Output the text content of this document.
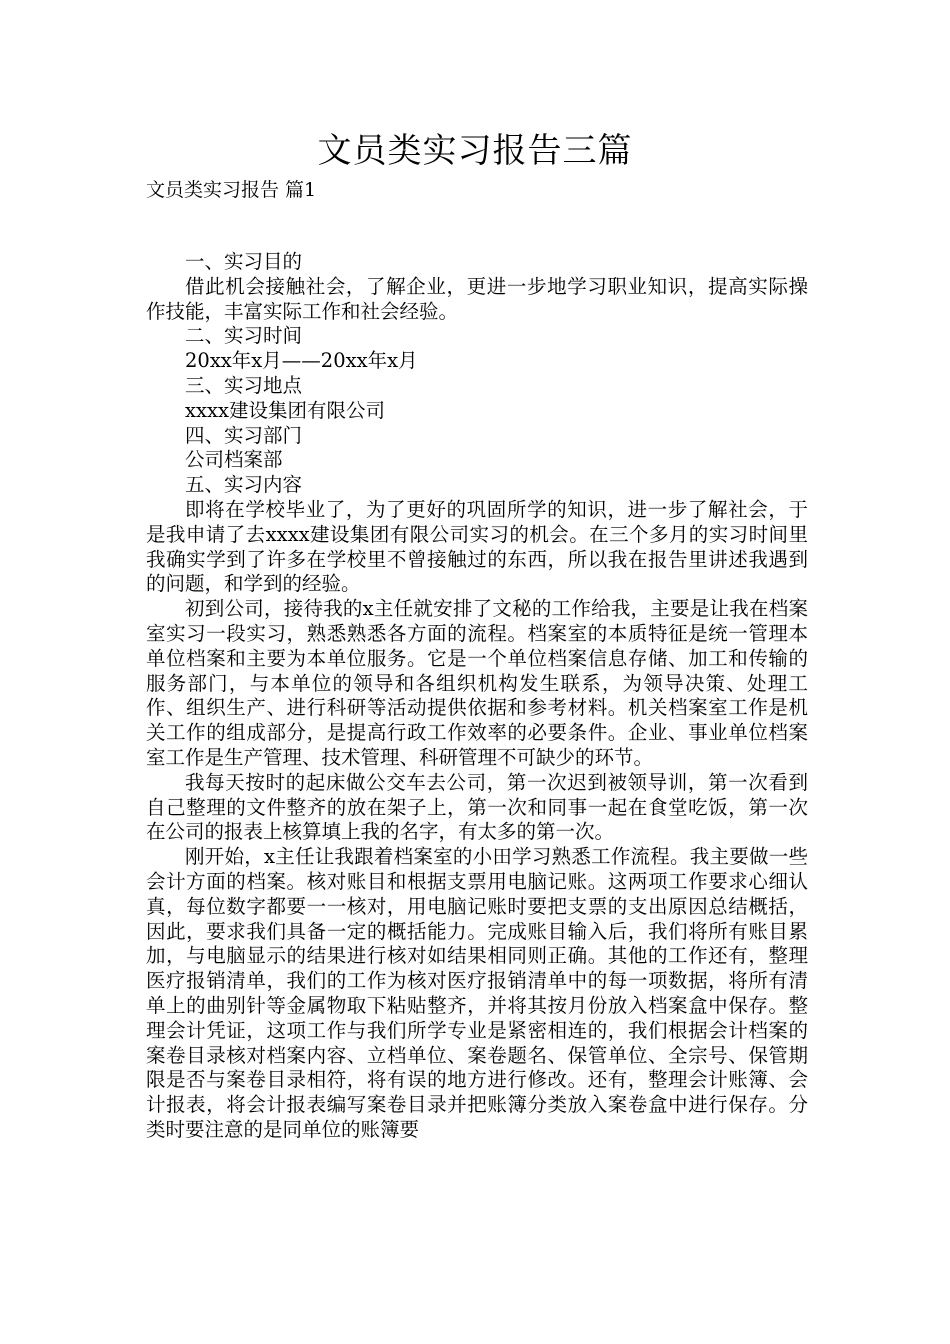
文员类实习报告三篇
文员类实习报告 篇1

一、实习目的

借此机会接触社会，了解企业，更进一步地学习职业知识，提高实际操作技能，丰富实际工作和社会经验。

二、实习时间

20xx年x月——20xx年x月

三、实习地点

xxxx建设集团有限公司

四、实习部门

公司档案部

五、实习内容

即将在学校毕业了，为了更好的巩固所学的知识，进一步了解社会，于是我申请了去xxxx建设集团有限公司实习的机会。在三个多月的实习时间里我确实学到了许多在学校里不曾接触过的东西，所以我在报告里讲述我遇到的问题，和学到的经验。

初到公司，接待我的x主任就安排了文秘的工作给我，主要是让我在档案室实习一段实习，熟悉熟悉各方面的流程。档案室的本质特征是统一管理本单位档案和主要为本单位服务。它是一个单位档案信息存储、加工和传输的服务部门，与本单位的领导和各组织机构发生联系，为领导决策、处理工作、组织生产、进行科研等活动提供依据和参考材料。机关档案室工作是机关工作的组成部分，是提高行政工作效率的必要条件。企业、事业单位档案室工作是生产管理、技术管理、科研管理不可缺少的环节。

我每天按时的起床做公交车去公司，第一次迟到被领导训，第一次看到自己整理的文件整齐的放在架子上，第一次和同事一起在食堂吃饭，第一次在公司的报表上核算填上我的名字，有太多的第一次。

刚开始，x主任让我跟着档案室的小田学习熟悉工作流程。我主要做一些会计方面的档案。核对账目和根据支票用电脑记账。这两项工作要求心细认真，每位数字都要一一核对，用电脑记账时要把支票的支出原因总结概括，因此，要求我们具备一定的概括能力。完成账目输入后，我们将所有账目累加，与电脑显示的结果进行核对如结果相同则正确。其他的工作还有，整理医疗报销清单，我们的工作为核对医疗报销清单中的每一项数据，将所有清单上的曲别针等金属物取下粘贴整齐，并将其按月份放入档案盒中保存。整理会计凭证，这项工作与我们所学专业是紧密相连的，我们根据会计档案的案卷目录核对档案内容、立档单位、案卷题名、保管单位、全宗号、保管期限是否与案卷目录相符，将有误的地方进行修改。还有，整理会计账簿、会计报表，将会计报表编写案卷目录并把账簿分类放入案卷盒中进行保存。分类时要注意的是同单位的账簿要
